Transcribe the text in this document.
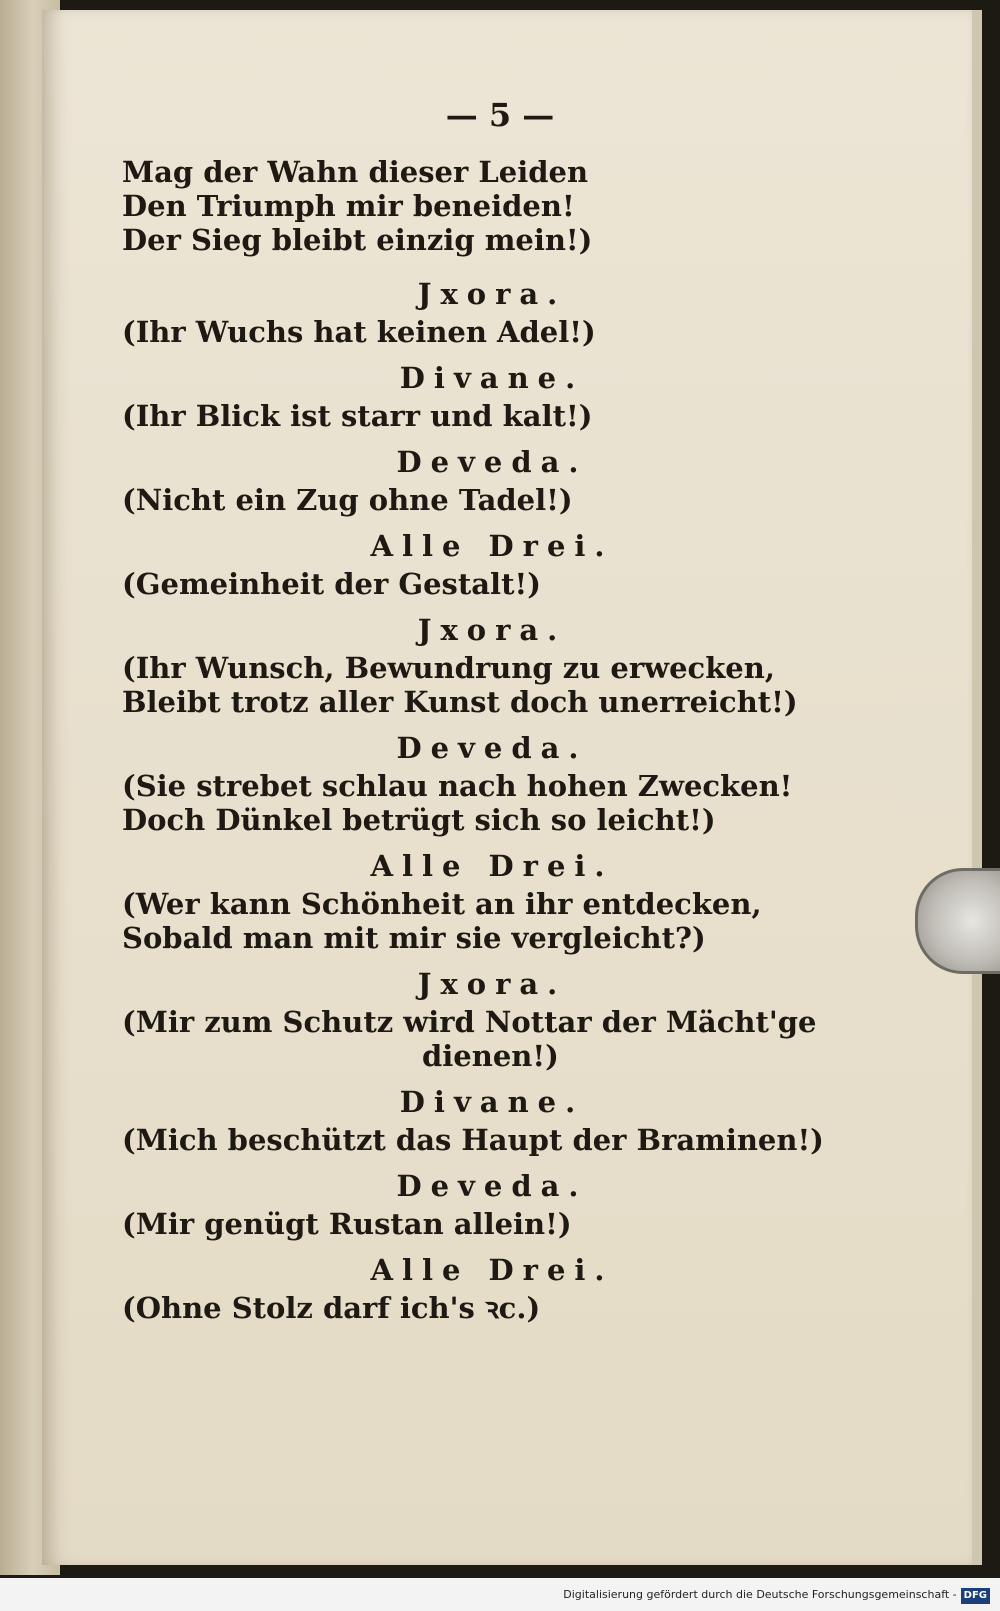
— 5 —
Mag der Wahn dieser Leiden
Den Triumph mir beneiden!
Der Sieg bleibt einzig mein!)
Jxora.
(Ihr Wuchs hat keinen Adel!)
Divane.
(Ihr Blick ist starr und kalt!)
Deveda.
(Nicht ein Zug ohne Tadel!)
Alle Drei.
(Gemeinheit der Gestalt!)
Jxora.
(Ihr Wunsch, Bewundrung zu erwecken,
Bleibt trotz aller Kunst doch unerreicht!)
Deveda.
(Sie strebet schlau nach hohen Zwecken!
Doch Dünkel betrügt sich so leicht!)
Alle Drei.
(Wer kann Schönheit an ihr entdecken,
Sobald man mit mir sie vergleicht?)
Jxora.
(Mir zum Schutz wird Nottar der Mächt'ge
dienen!)
Divane.
(Mich beschützt das Haupt der Braminen!)
Deveda.
(Mir genügt Rustan allein!)
Alle Drei.
(Ohne Stolz darf ich's ꝛc.)
Digitalisierung gefördert durch die Deutsche Forschungsgemeinschaft - DFG
